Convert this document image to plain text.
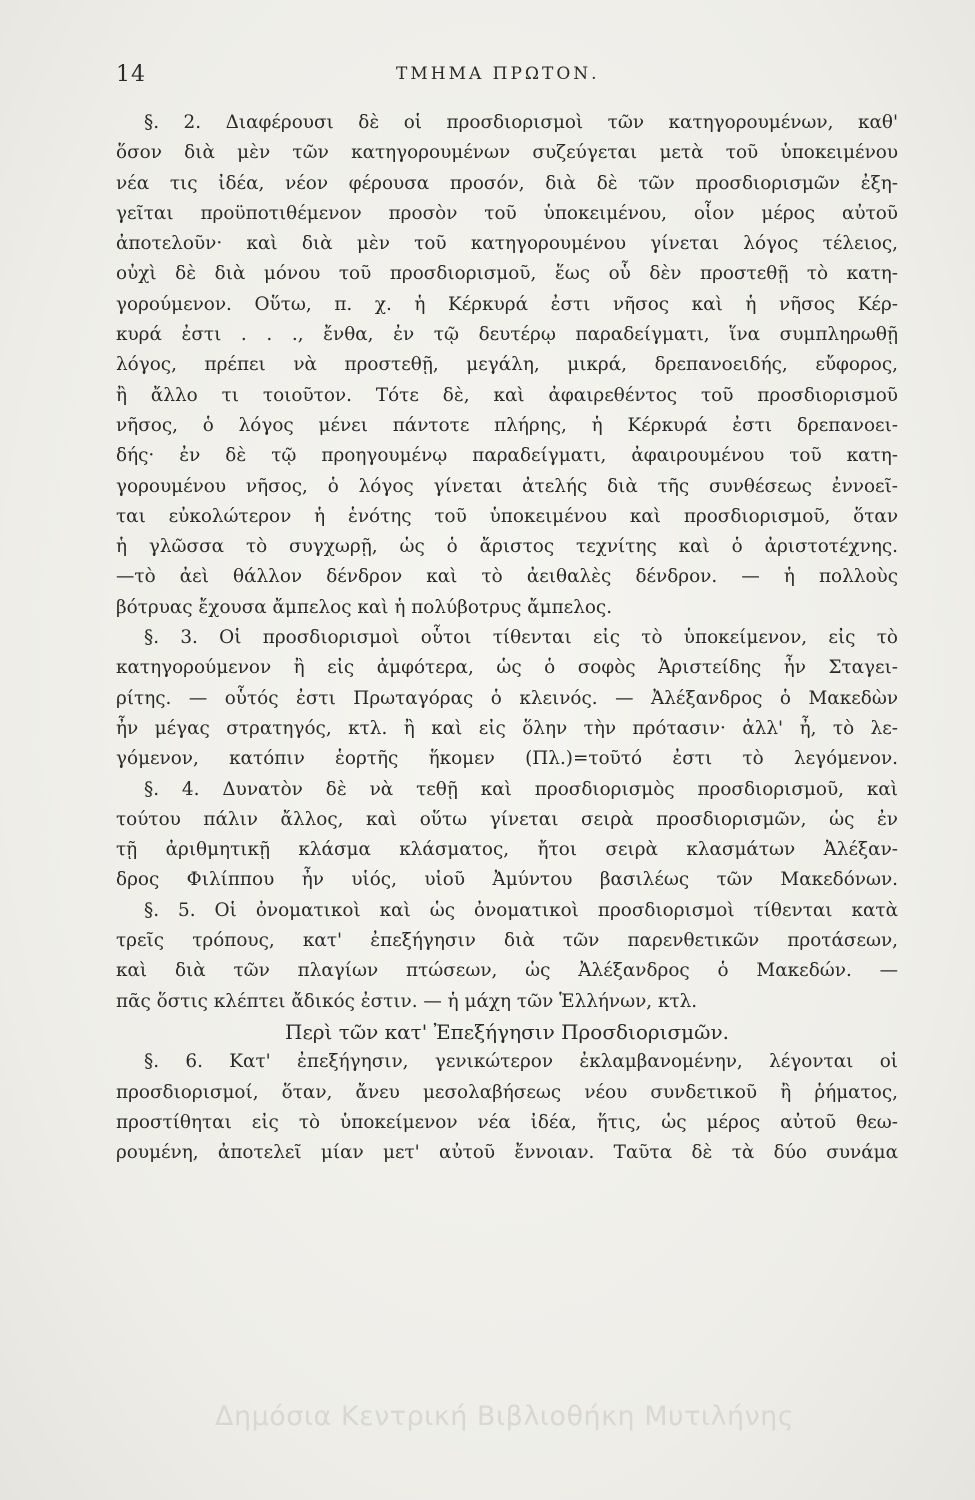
14	ΤΜΗΜΑ ΠΡΩΤΟΝ.
§. 2. Διαφέρουσι δὲ οἱ προσδιορισμοὶ τῶν κατηγορουμένων, καθ'
ὅσον διὰ μὲν τῶν κατηγορουμένων συζεύγεται μετὰ τοῦ ὑποκειμένου
νέα τις ἰδέα, νέον φέρουσα προσόν, διὰ δὲ τῶν προσδιορισμῶν ἐξη-
γεῖται προϋποτιθέμενον προσὸν τοῦ ὑποκειμένου, οἷον μέρος αὐτοῦ
ἀποτελοῦν· καὶ διὰ μὲν τοῦ κατηγορουμένου γίνεται λόγος τέλειος,
οὐχὶ δὲ διὰ μόνου τοῦ προσδιορισμοῦ, ἕως οὗ δὲν προστεθῇ τὸ κατη-
γορούμενον. Οὕτω, π. χ. ἡ Κέρκυρά ἐστι νῆσος καὶ ἡ νῆσος Κέρ-
κυρά ἐστι . . ., ἔνθα, ἐν τῷ δευτέρῳ παραδείγματι, ἵνα συμπληρωθῇ
λόγος, πρέπει νὰ προστεθῇ, μεγάλη, μικρά, δρεπανοειδής, εὔφορος,
ἢ ἄλλο τι τοιοῦτον. Τότε δὲ, καὶ ἀφαιρεθέντος τοῦ προσδιορισμοῦ
νῆσος, ὁ λόγος μένει πάντοτε πλήρης, ἡ Κέρκυρά ἐστι δρεπανοει-
δής· ἐν δὲ τῷ προηγουμένῳ παραδείγματι, ἀφαιρουμένου τοῦ κατη-
γορουμένου νῆσος, ὁ λόγος γίνεται ἀτελής διὰ τῆς συνθέσεως ἐννοεῖ-
ται εὐκολώτερον ἡ ἑνότης τοῦ ὑποκειμένου καὶ προσδιορισμοῦ, ὅταν
ἡ γλῶσσα τὸ συγχωρῇ, ὡς ὁ ἄριστος τεχνίτης καὶ ὁ ἀριστοτέχνης.
—τὸ ἀεὶ θάλλον δένδρον καὶ τὸ ἀειθαλὲς δένδρον. — ἡ πολλοὺς
βότρυας ἔχουσα ἄμπελος καὶ ἡ πολύβοτρυς ἄμπελος.
§. 3. Οἱ προσδιορισμοὶ οὗτοι τίθενται εἰς τὸ ὑποκείμενον, εἰς τὸ
κατηγορούμενον ἢ εἰς ἀμφότερα, ὡς ὁ σοφὸς Ἀριστείδης ἦν Σταγει-
ρίτης. — οὗτός ἐστι Πρωταγόρας ὁ κλεινός. — Ἀλέξανδρος ὁ Μακεδὼν
ἦν μέγας στρατηγός, κτλ. ἢ καὶ εἰς ὅλην τὴν πρότασιν· ἀλλ' ἦ, τὸ λε-
γόμενον, κατόπιν ἑορτῆς ἥκομεν (Πλ.)=τοῦτό ἐστι τὸ λεγόμενον.
§. 4. Δυνατὸν δὲ νὰ τεθῇ καὶ προσδιορισμὸς προσδιορισμοῦ, καὶ
τούτου πάλιν ἄλλος, καὶ οὕτω γίνεται σειρὰ προσδιορισμῶν, ὡς ἐν
τῇ ἀριθμητικῇ κλάσμα κλάσματος, ἤτοι σειρὰ κλασμάτων Ἀλέξαν-
δρος Φιλίππου ἦν υἱός, υἱοῦ Ἀμύντου βασιλέως τῶν Μακεδόνων.
§. 5. Οἱ ὀνοματικοὶ καὶ ὡς ὀνοματικοὶ προσδιορισμοὶ τίθενται κατὰ
τρεῖς τρόπους, κατ' ἐπεξήγησιν διὰ τῶν παρενθετικῶν προτάσεων,
καὶ διὰ τῶν πλαγίων πτώσεων, ὡς Ἀλέξανδρος ὁ Μακεδών. —
πᾶς ὅστις κλέπτει ἄδικός ἐστιν. — ἡ μάχη τῶν Ἑλλήνων, κτλ.
Περὶ τῶν κατ' Ἐπεξήγησιν Προσδιορισμῶν.
§. 6. Κατ' ἐπεξήγησιν, γενικώτερον ἐκλαμβανομένην, λέγονται οἱ
προσδιορισμοί, ὅταν, ἄνευ μεσολαβήσεως νέου συνδετικοῦ ἢ ῥήματος,
προστίθηται εἰς τὸ ὑποκείμενον νέα ἰδέα, ἥτις, ὡς μέρος αὐτοῦ θεω-
ρουμένη, ἀποτελεῖ μίαν μετ' αὐτοῦ ἔννοιαν. Ταῦτα δὲ τὰ δύο συνάμα
Δημόσια Κεντρική Βιβλιοθήκη Μυτιλήνης
